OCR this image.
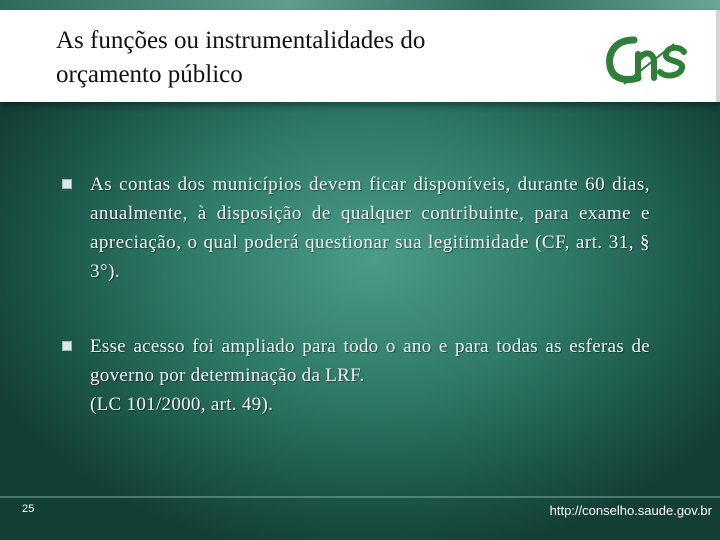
As funções ou instrumentalidades do
orçamento público
As contas dos municípios devem ficar disponíveis, durante 60 dias, anualmente, à disposição de qualquer contribuinte, para exame e apreciação, o qual poderá questionar sua legitimidade (CF, art. 31, § 3°).
Esse acesso foi ampliado para todo o ano e para todas as esferas de governo por determinação da LRF.
(LC 101/2000, art. 49).
25	http://conselho.saude.gov.br
